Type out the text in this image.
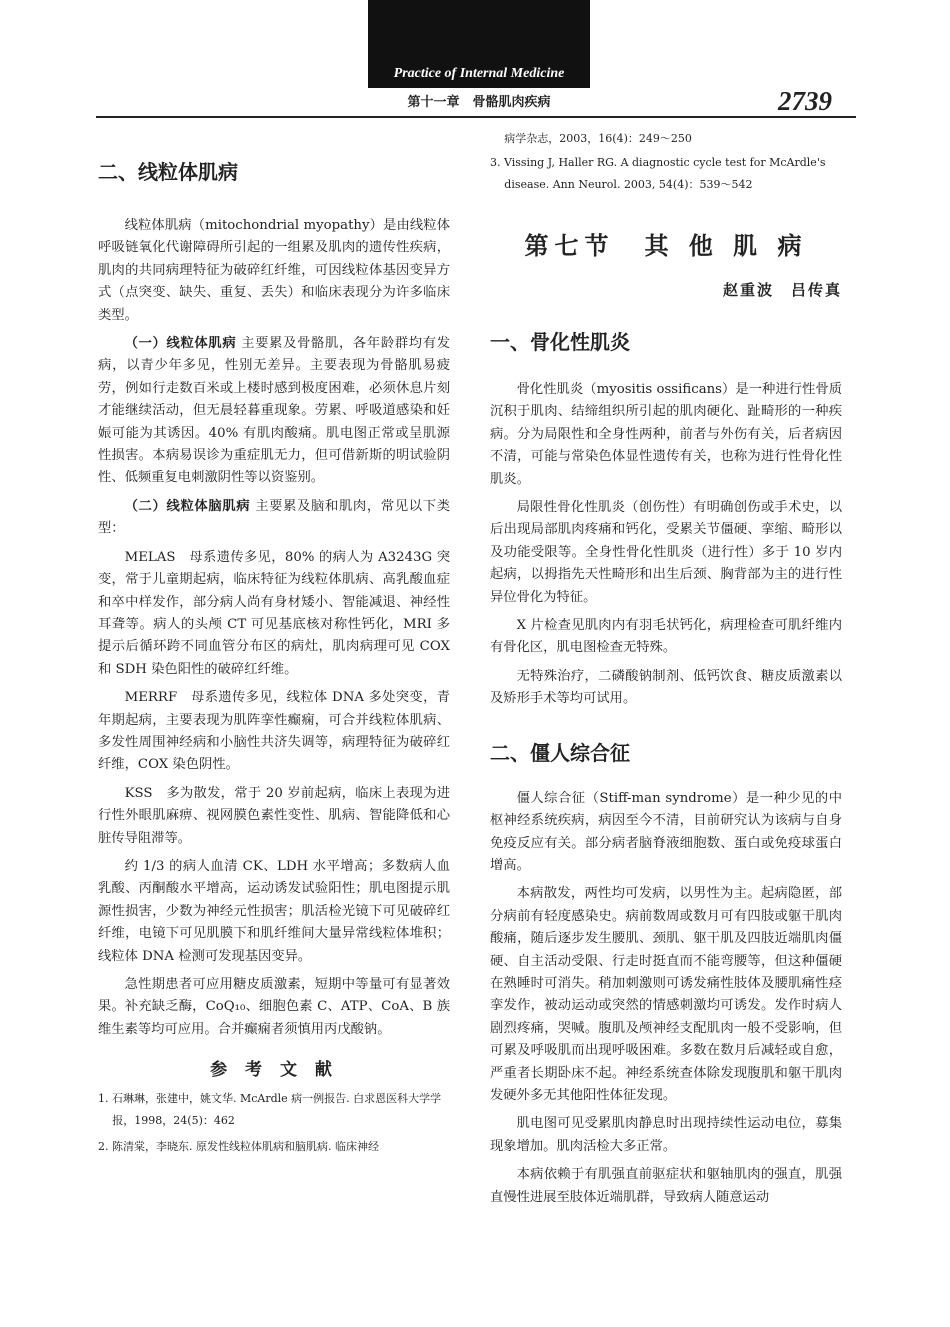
Practice of Internal Medicine
第十一章　骨骼肌肉疾病	2739
二、线粒体肌病

线粒体肌病（mitochondrial myopathy）是由线粒体呼吸链氧化代谢障碍所引起的一组累及肌肉的遗传性疾病，肌肉的共同病理特征为破碎红纤维，可因线粒体基因变异方式（点突变、缺失、重复、丢失）和临床表现分为许多临床类型。

（一）线粒体肌病 主要累及骨骼肌，各年龄群均有发病，以青少年多见，性别无差异。主要表现为骨骼肌易疲劳，例如行走数百米或上楼时感到极度困难，必须休息片刻才能继续活动，但无晨轻暮重现象。劳累、呼吸道感染和妊娠可能为其诱因。40% 有肌肉酸痛。肌电图正常或呈肌源性损害。本病易误诊为重症肌无力，但可借新斯的明试验阴性、低频重复电刺激阴性等以资鉴别。

（二）线粒体脑肌病 主要累及脑和肌肉，常见以下类型：

MELAS　母系遗传多见，80% 的病人为 A3243G 突变，常于儿童期起病，临床特征为线粒体肌病、高乳酸血症和卒中样发作，部分病人尚有身材矮小、智能减退、神经性耳聋等。病人的头颅 CT 可见基底核对称性钙化，MRI 多提示后循环跨不同血管分布区的病灶，肌肉病理可见 COX 和 SDH 染色阳性的破碎红纤维。

MERRF　母系遗传多见，线粒体 DNA 多处突变，青年期起病，主要表现为肌阵挛性癫痫，可合并线粒体肌病、多发性周围神经病和小脑性共济失调等，病理特征为破碎红纤维，COX 染色阴性。

KSS　多为散发，常于 20 岁前起病，临床上表现为进行性外眼肌麻痹、视网膜色素性变性、肌病、智能降低和心脏传导阻滞等。

约 1/3 的病人血清 CK、LDH 水平增高；多数病人血乳酸、丙酮酸水平增高，运动诱发试验阳性；肌电图提示肌源性损害，少数为神经元性损害；肌活检光镜下可见破碎红纤维，电镜下可见肌膜下和肌纤维间大量异常线粒体堆积；线粒体 DNA 检测可发现基因变异。

急性期患者可应用糖皮质激素，短期中等量可有显著效果。补充缺乏酶，CoQ₁₀、细胞色素 C、ATP、CoA、B 族维生素等均可应用。合并癫痫者须慎用丙戊酸钠。

参 考 文 献

1. 石琳琳，张建中，姚文华. McArdle 病一例报告. 白求恩医科大学学报，1998，24(5)：462

2. 陈清棠，李晓东. 原发性线粒体肌病和脑肌病. 临床神经

病学杂志，2003，16(4)：249～250

3. Vissing J, Haller RG. A diagnostic cycle test for McArdle's disease. Ann Neurol. 2003, 54(4)：539～542

第七节　其 他 肌 病
赵重波　吕传真
一、骨化性肌炎

骨化性肌炎（myositis ossificans）是一种进行性骨质沉积于肌肉、结缔组织所引起的肌肉硬化、趾畸形的一种疾病。分为局限性和全身性两种，前者与外伤有关，后者病因不清，可能与常染色体显性遗传有关，也称为进行性骨化性肌炎。

局限性骨化性肌炎（创伤性）有明确创伤或手术史，以后出现局部肌肉疼痛和钙化，受累关节僵硬、挛缩、畸形以及功能受限等。全身性骨化性肌炎（进行性）多于 10 岁内起病，以拇指先天性畸形和出生后颈、胸背部为主的进行性异位骨化为特征。

X 片检查见肌肉内有羽毛状钙化，病理检查可肌纤维内有骨化区，肌电图检查无特殊。

无特殊治疗，二磷酸钠制剂、低钙饮食、糖皮质激素以及矫形手术等均可试用。

二、僵人综合征

僵人综合征（Stiff-man syndrome）是一种少见的中枢神经系统疾病，病因至今不清，目前研究认为该病与自身免疫反应有关。部分病者脑脊液细胞数、蛋白或免疫球蛋白增高。

本病散发，两性均可发病，以男性为主。起病隐匿，部分病前有轻度感染史。病前数周或数月可有四肢或躯干肌肉酸痛，随后逐步发生腰肌、颈肌、躯干肌及四肢近端肌肉僵硬、自主活动受限、行走时挺直而不能弯腰等，但这种僵硬在熟睡时可消失。稍加刺激则可诱发痛性肢体及腰肌痛性痉挛发作，被动运动或突然的情感刺激均可诱发。发作时病人剧烈疼痛，哭喊。腹肌及颅神经支配肌肉一般不受影响，但可累及呼吸肌而出现呼吸困难。多数在数月后减轻或自愈，严重者长期卧床不起。神经系统查体除发现腹肌和躯干肌肉发硬外多无其他阳性体征发现。

肌电图可见受累肌肉静息时出现持续性运动电位，募集现象增加。肌肉活检大多正常。

本病依赖于有肌强直前驱症状和躯轴肌肉的强直，肌强直慢性进展至肢体近端肌群，导致病人随意运动
